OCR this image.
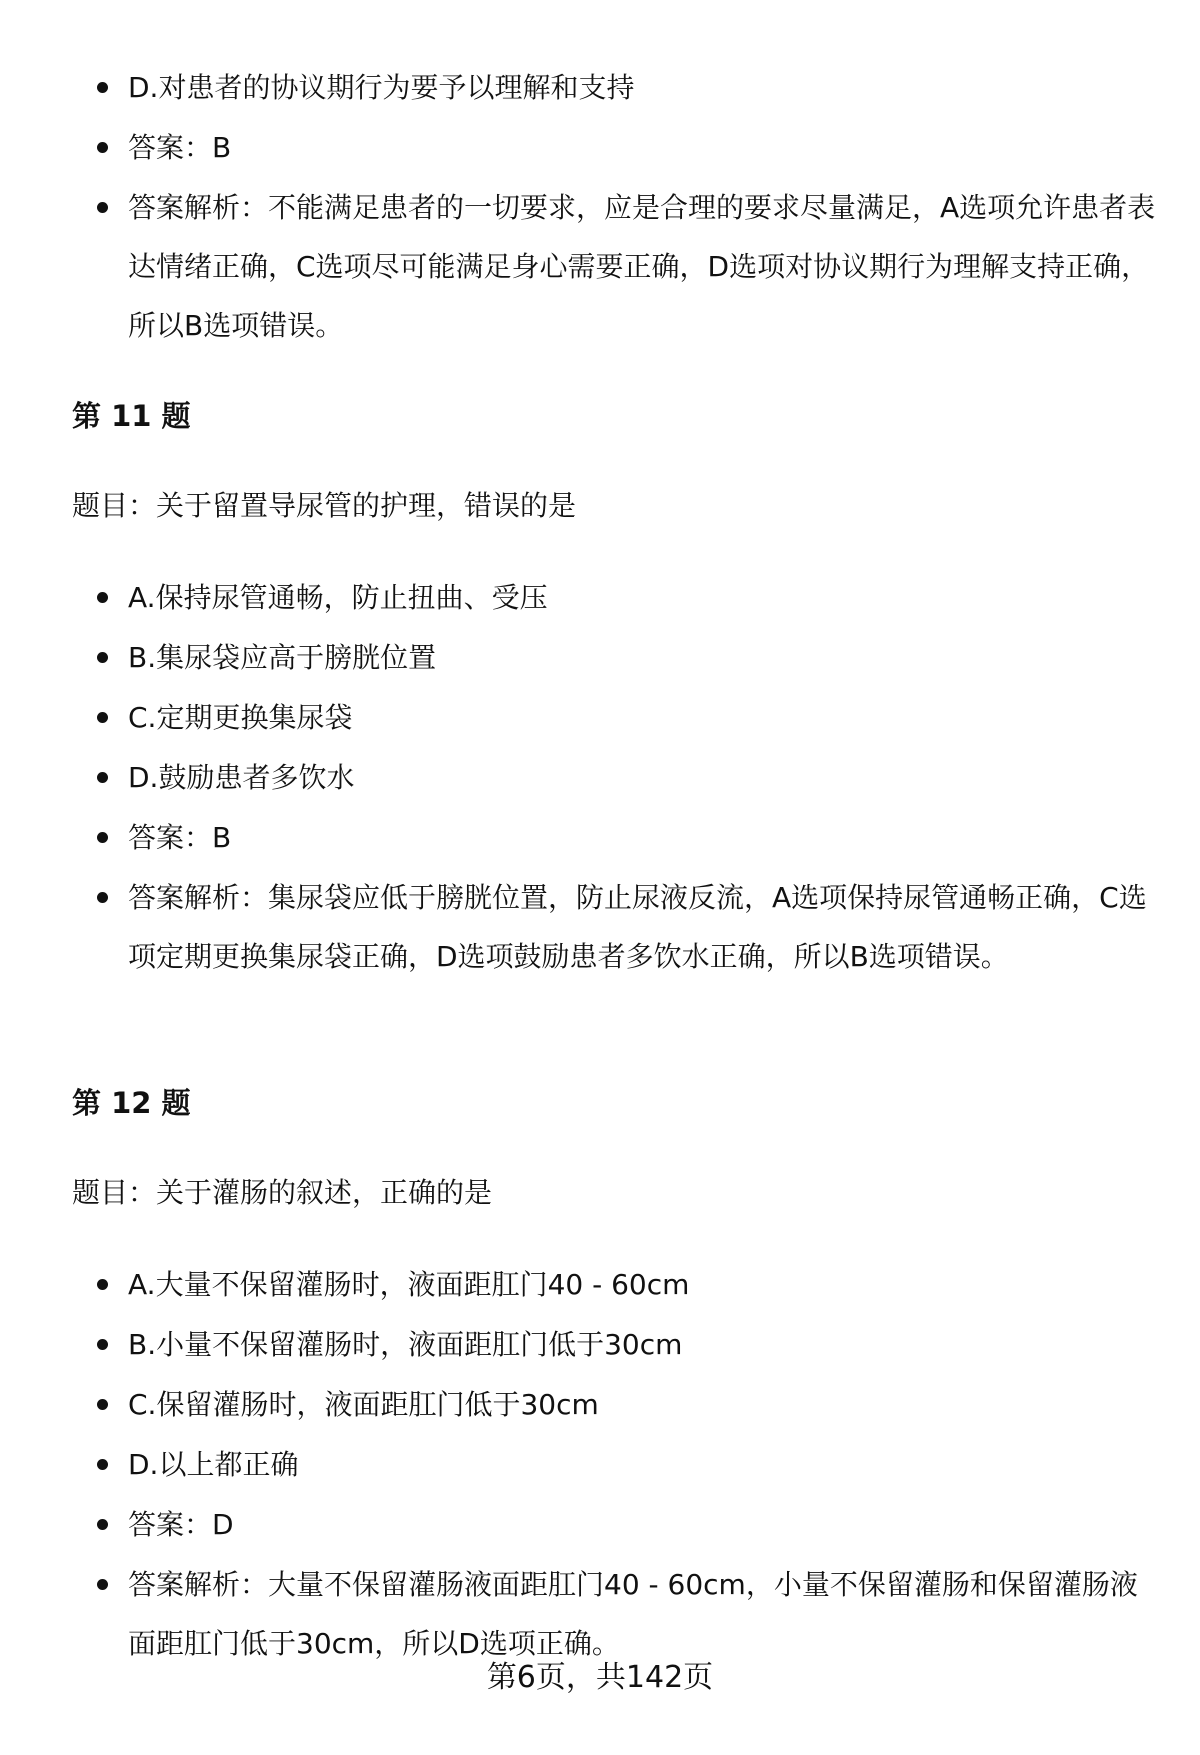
D.对患者的协议期行为要予以理解和支持
答案：B
答案解析：不能满足患者的一切要求，应是合理的要求尽量满足，A选项允许患者表达情绪正确，C选项尽可能满足身心需要正确，D选项对协议期行为理解支持正确，所以B选项错误。
第 11 题
题目：关于留置导尿管的护理，错误的是
A.保持尿管通畅，防止扭曲、受压
B.集尿袋应高于膀胱位置
C.定期更换集尿袋
D.鼓励患者多饮水
答案：B
答案解析：集尿袋应低于膀胱位置，防止尿液反流，A选项保持尿管通畅正确，C选项定期更换集尿袋正确，D选项鼓励患者多饮水正确，所以B选项错误。
第 12 题
题目：关于灌肠的叙述，正确的是
A.大量不保留灌肠时，液面距肛门40 - 60cm
B.小量不保留灌肠时，液面距肛门低于30cm
C.保留灌肠时，液面距肛门低于30cm
D.以上都正确
答案：D
答案解析：大量不保留灌肠液面距肛门40 - 60cm，小量不保留灌肠和保留灌肠液面距肛门低于30cm，所以D选项正确。
第6页，共142页
